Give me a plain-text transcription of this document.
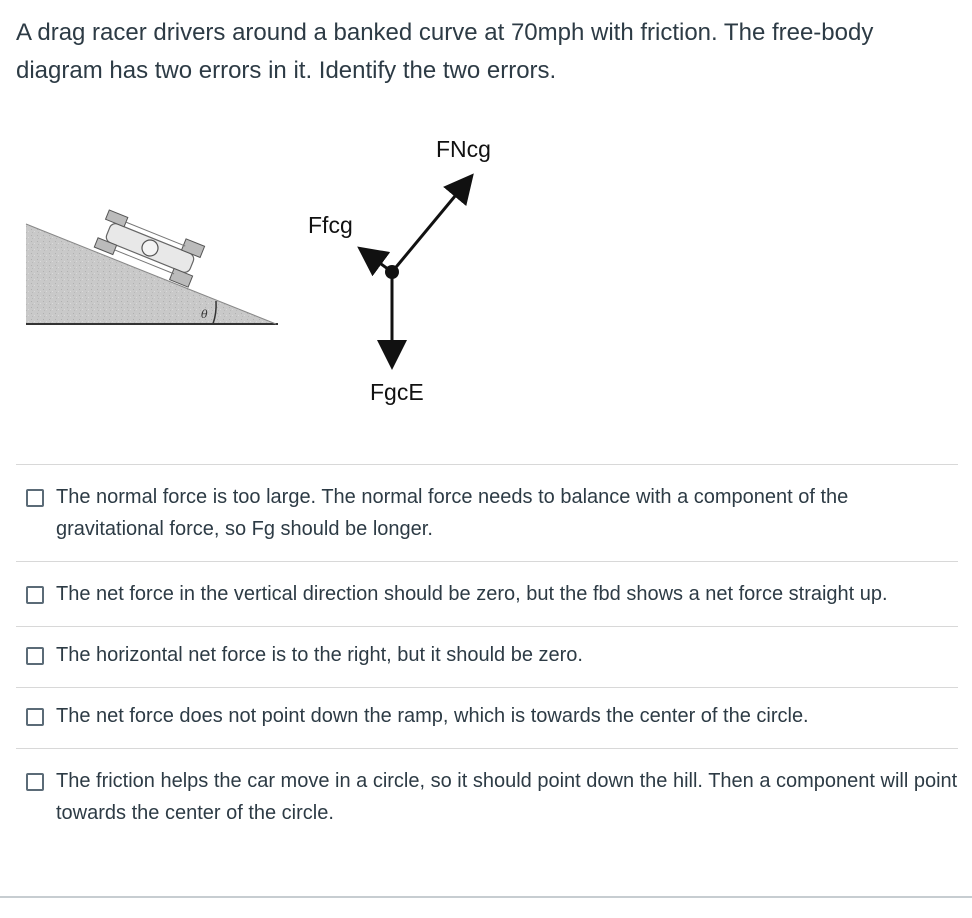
A drag racer drivers around a banked curve at 70mph with friction. The free-body diagram has two errors in it. Identify the two errors.
θ
FNcg
Ffcg
FgcE
The normal force is too large. The normal force needs to balance with a component of the gravitational force, so Fg should be longer.
The net force in the vertical direction should be zero, but the fbd shows a net force straight up.
The horizontal net force is to the right, but it should be zero.
The net force does not point down the ramp, which is towards the center of the circle.
The friction helps the car move in a circle, so it should point down the hill. Then a component will point towards the center of the circle.
